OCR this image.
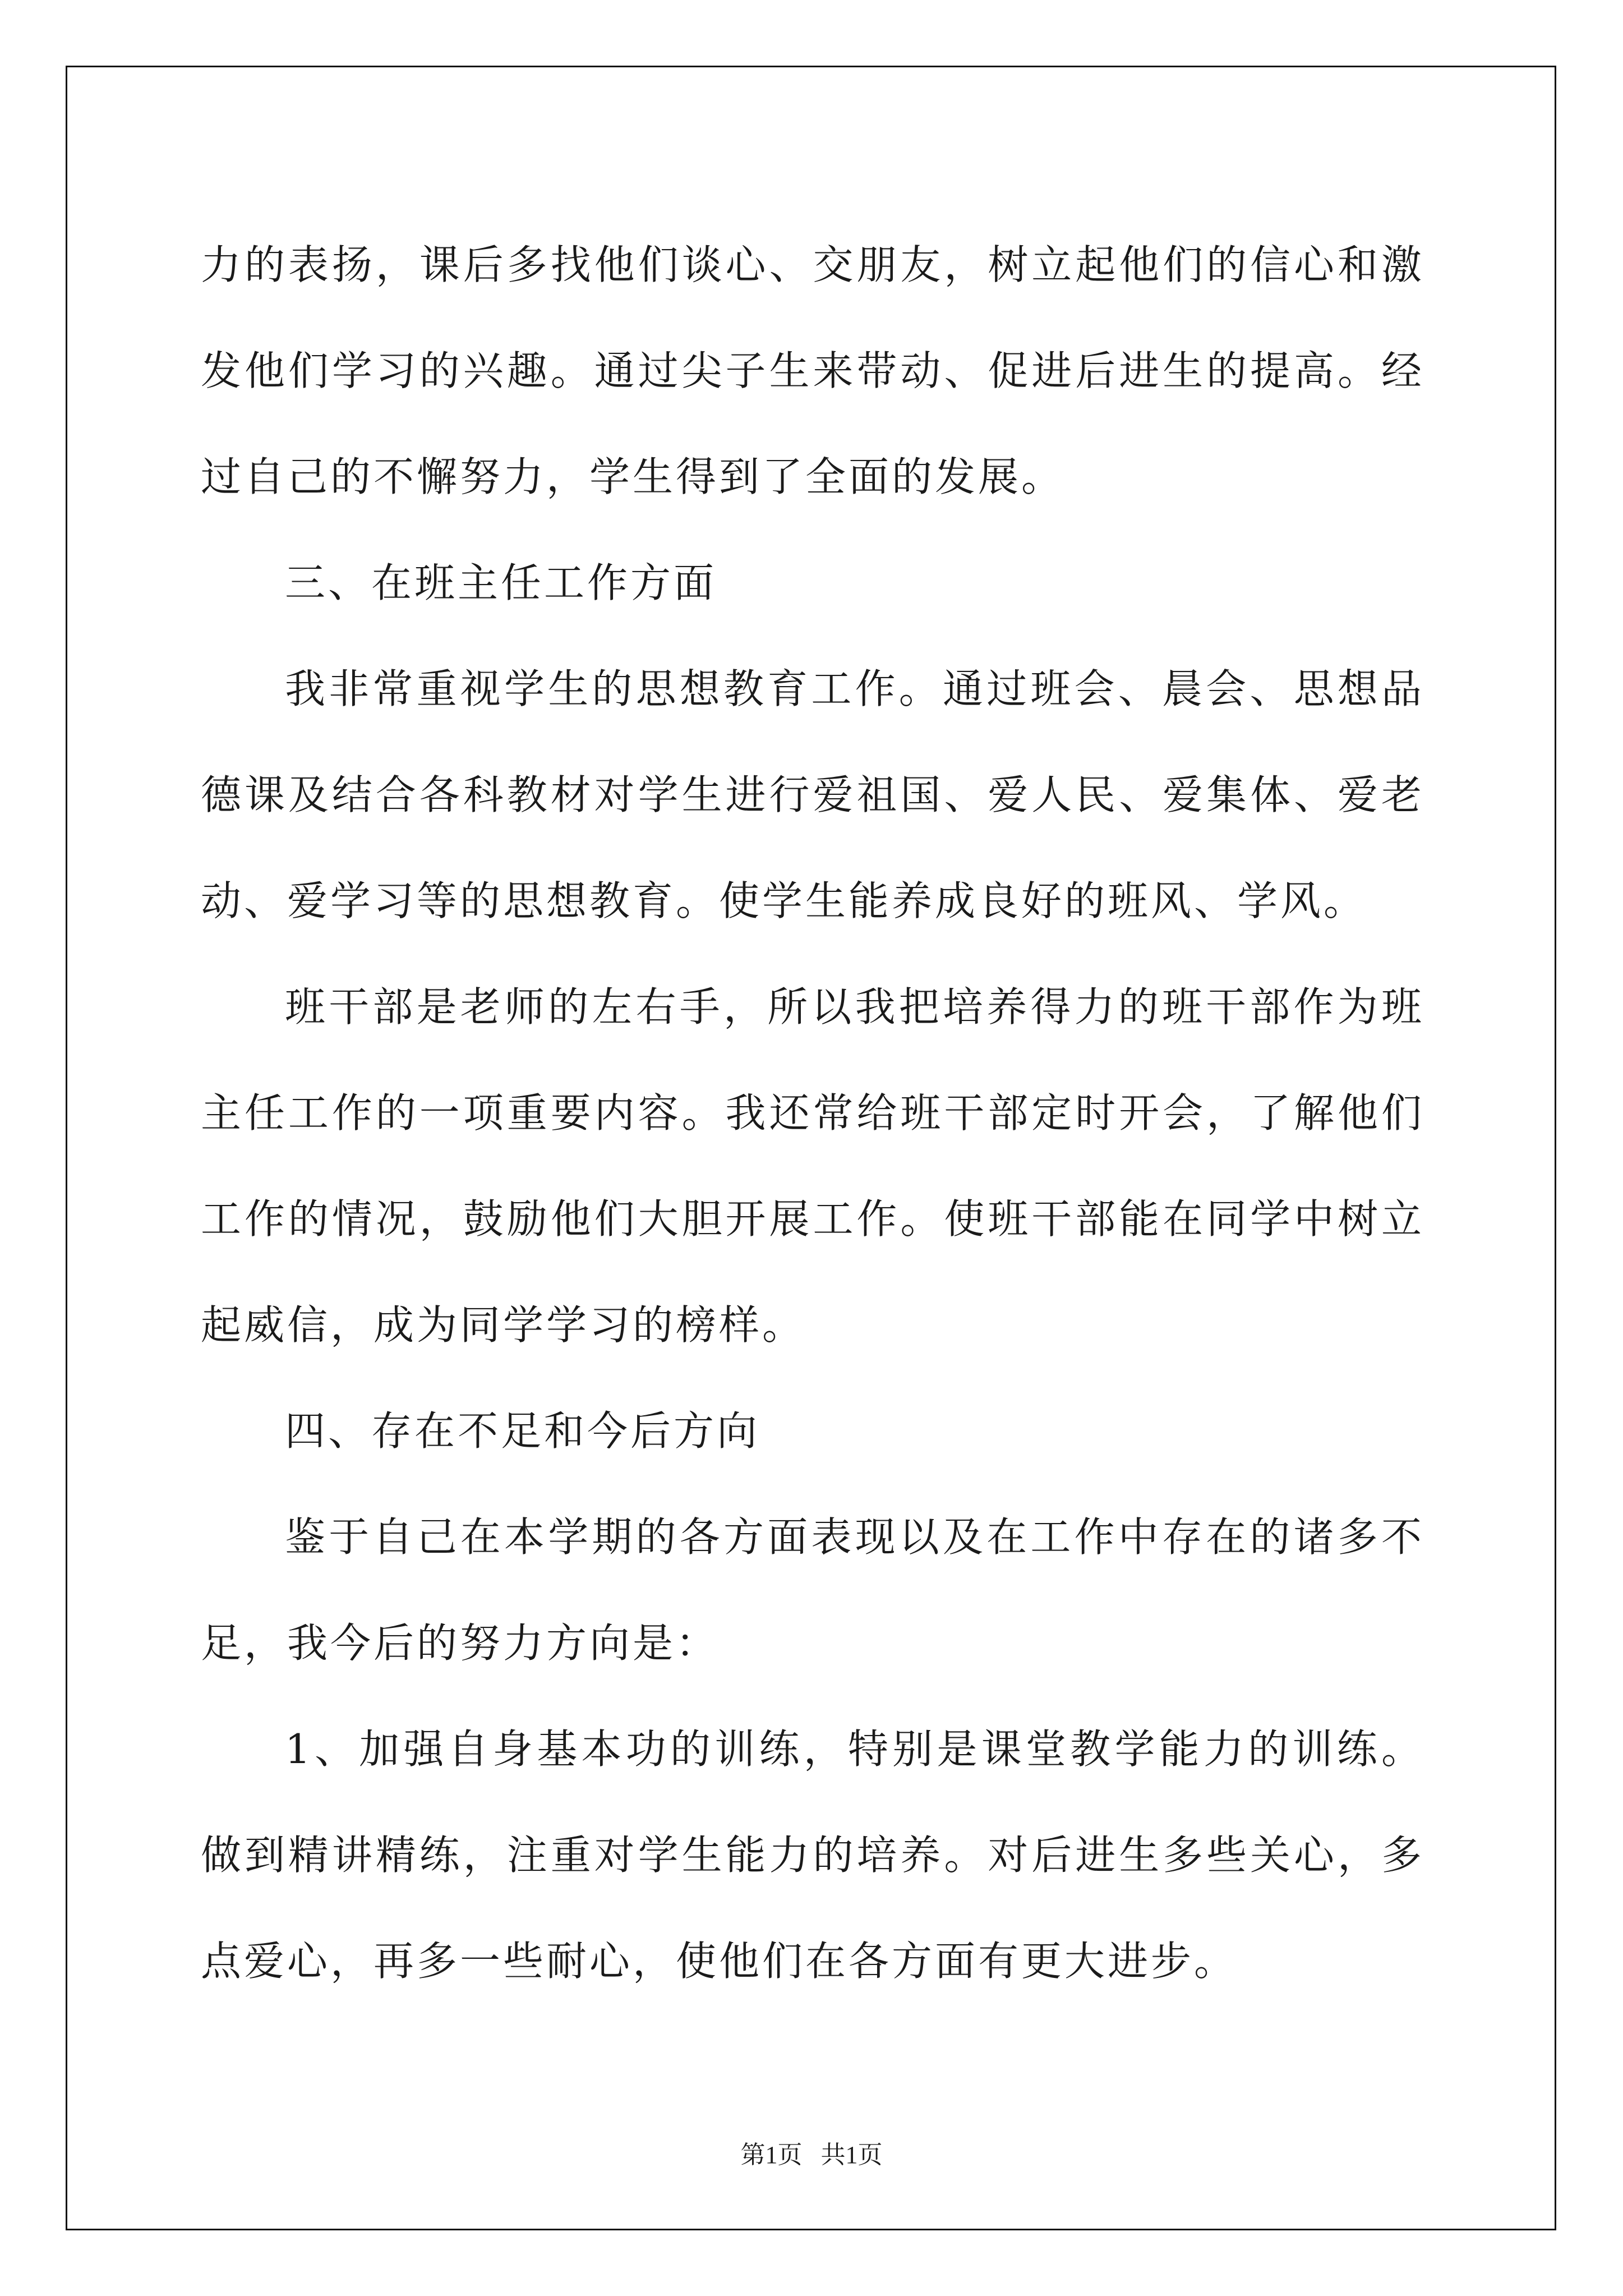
力的表扬，课后多找他们谈心、交朋友，树立起他们的信心和激发他们学习的兴趣。通过尖子生来带动、促进后进生的提高。经过自己的不懈努力，学生得到了全面的发展。

三、在班主任工作方面

我非常重视学生的思想教育工作。通过班会、晨会、思想品德课及结合各科教材对学生进行爱祖国、爱人民、爱集体、爱老动、爱学习等的思想教育。使学生能养成良好的班风、学风。

班干部是老师的左右手，所以我把培养得力的班干部作为班主任工作的一项重要内容。我还常给班干部定时开会，了解他们工作的情况，鼓励他们大胆开展工作。使班干部能在同学中树立起威信，成为同学学习的榜样。

四、存在不足和今后方向

鉴于自己在本学期的各方面表现以及在工作中存在的诸多不足，我今后的努力方向是：

1、加强自身基本功的训练，特别是课堂教学能力的训练。做到精讲精练，注重对学生能力的培养。对后进生多些关心，多点爱心，再多一些耐心，使他们在各方面有更大进步。

第1页   共1页
